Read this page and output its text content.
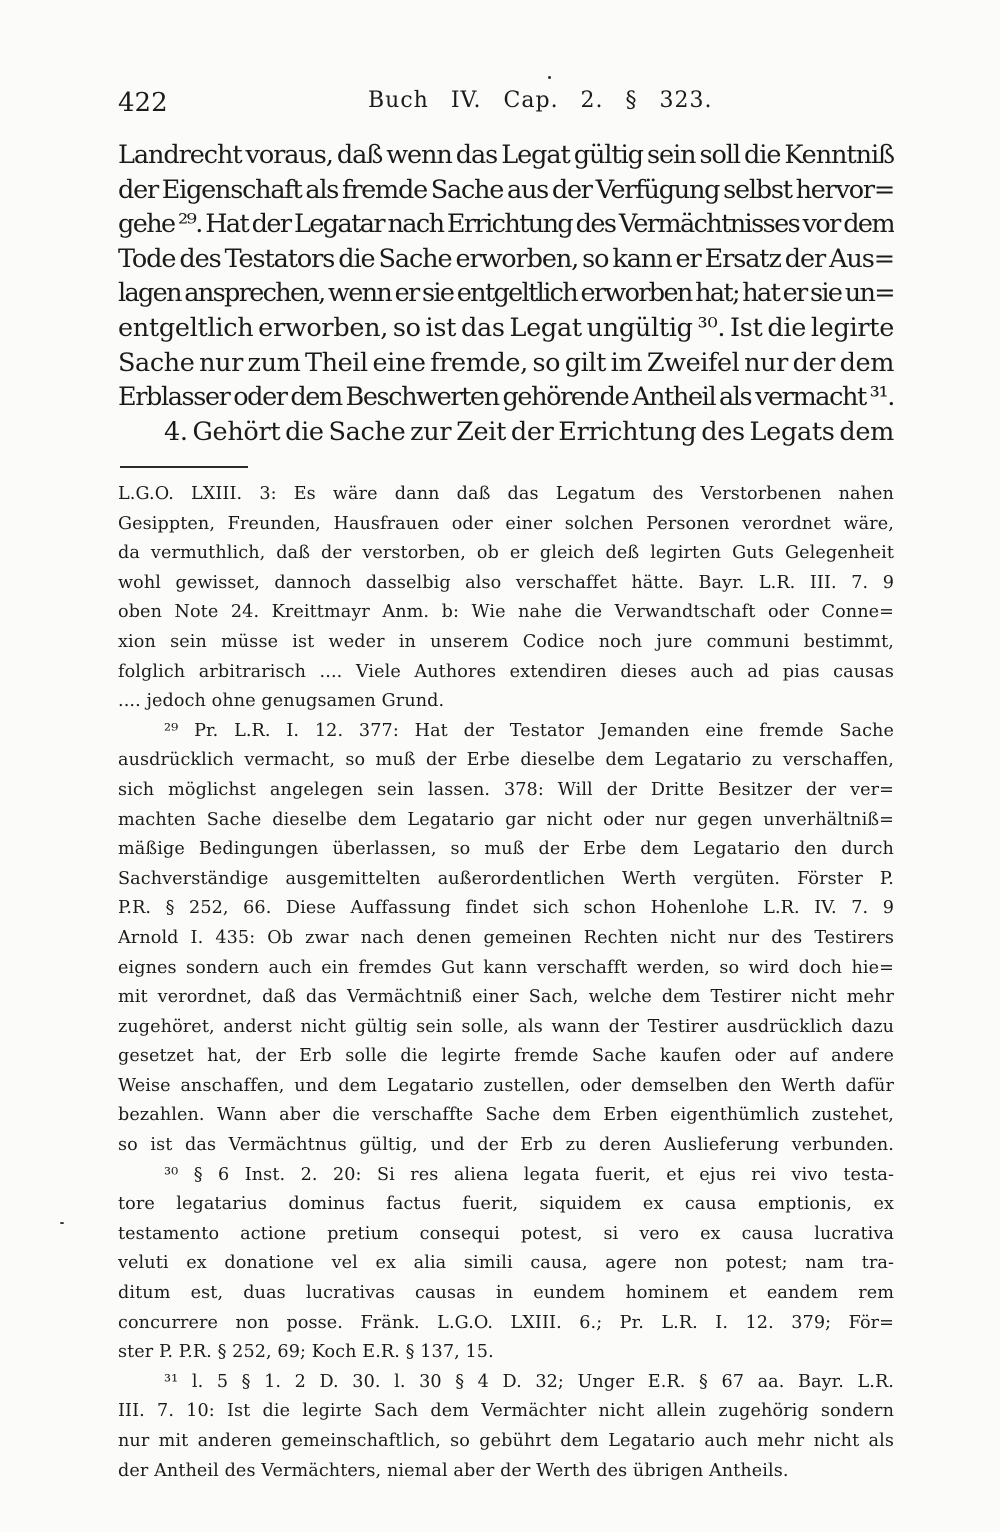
422	Buch IV. Cap. 2. § 323.
Landrecht voraus, daß wenn das Legat gültig sein soll die Kenntniß
der Eigenschaft als fremde Sache aus der Verfügung selbst hervor=
gehe ²⁹. Hat der Legatar nach Errichtung des Vermächtnisses vor dem
Tode des Testators die Sache erworben, so kann er Ersatz der Aus=
lagen ansprechen, wenn er sie entgeltlich erworben hat; hat er sie un=
entgeltlich erworben, so ist das Legat ungültig ³⁰. Ist die legirte
Sache nur zum Theil eine fremde, so gilt im Zweifel nur der dem
Erblasser oder dem Beschwerten gehörende Antheil als vermacht ³¹.
4. Gehört die Sache zur Zeit der Errichtung des Legats dem
L.G.O. LXIII. 3: Es wäre dann daß das Legatum des Verstorbenen nahen
Gesippten, Freunden, Hausfrauen oder einer solchen Personen verordnet wäre,
da vermuthlich, daß der verstorben, ob er gleich deß legirten Guts Gelegenheit
wohl gewisset, dannoch dasselbig also verschaffet hätte. Bayr. L.R. III. 7. 9
oben Note 24. Kreittmayr Anm. b: Wie nahe die Verwandtschaft oder Conne=
xion sein müsse ist weder in unserem Codice noch jure communi bestimmt,
folglich arbitrarisch .... Viele Authores extendiren dieses auch ad pias causas
.... jedoch ohne genugsamen Grund.
²⁹ Pr. L.R. I. 12. 377: Hat der Testator Jemanden eine fremde Sache
ausdrücklich vermacht, so muß der Erbe dieselbe dem Legatario zu verschaffen,
sich möglichst angelegen sein lassen. 378: Will der Dritte Besitzer der ver=
machten Sache dieselbe dem Legatario gar nicht oder nur gegen unverhältniß=
mäßige Bedingungen überlassen, so muß der Erbe dem Legatario den durch
Sachverständige ausgemittelten außerordentlichen Werth vergüten. Förster P.
P.R. § 252, 66. Diese Auffassung findet sich schon Hohenlohe L.R. IV. 7. 9
Arnold I. 435: Ob zwar nach denen gemeinen Rechten nicht nur des Testirers
eignes sondern auch ein fremdes Gut kann verschafft werden, so wird doch hie=
mit verordnet, daß das Vermächtniß einer Sach, welche dem Testirer nicht mehr
zugehöret, anderst nicht gültig sein solle, als wann der Testirer ausdrücklich dazu
gesetzet hat, der Erb solle die legirte fremde Sache kaufen oder auf andere
Weise anschaffen, und dem Legatario zustellen, oder demselben den Werth dafür
bezahlen. Wann aber die verschaffte Sache dem Erben eigenthümlich zustehet,
so ist das Vermächtnus gültig, und der Erb zu deren Auslieferung verbunden.
³⁰ § 6 Inst. 2. 20: Si res aliena legata fuerit, et ejus rei vivo testa-
tore legatarius dominus factus fuerit, siquidem ex causa emptionis, ex
testamento actione pretium consequi potest, si vero ex causa lucrativa
veluti ex donatione vel ex alia simili causa, agere non potest; nam tra-
ditum est, duas lucrativas causas in eundem hominem et eandem rem
concurrere non posse. Fränk. L.G.O. LXIII. 6.; Pr. L.R. I. 12. 379; För=
ster P. P.R. § 252, 69; Koch E.R. § 137, 15.
³¹ l. 5 § 1. 2 D. 30. l. 30 § 4 D. 32; Unger E.R. § 67 aa. Bayr. L.R.
III. 7. 10: Ist die legirte Sach dem Vermächter nicht allein zugehörig sondern
nur mit anderen gemeinschaftlich, so gebührt dem Legatario auch mehr nicht als
der Antheil des Vermächters, niemal aber der Werth des übrigen Antheils.
